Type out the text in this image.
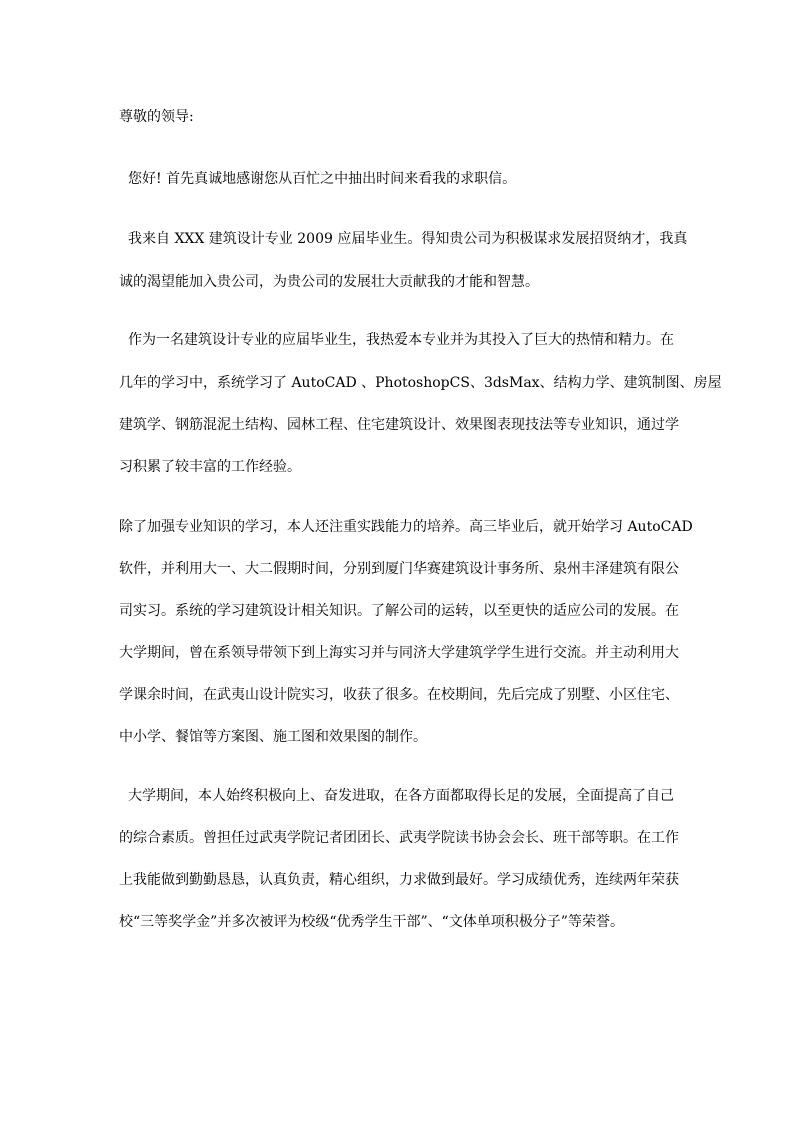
尊敬的领导:

您好! 首先真诚地感谢您从百忙之中抽出时间来看我的求职信。

我来自 XXX 建筑设计专业 2009 应届毕业生。得知贵公司为积极谋求发展招贤纳才，我真

诚的渴望能加入贵公司，为贵公司的发展壮大贡献我的才能和智慧。

作为一名建筑设计专业的应届毕业生，我热爱本专业并为其投入了巨大的热情和精力。在

几年的学习中，系统学习了 AutoCAD 、PhotoshopCS、3dsMax、结构力学、建筑制图、房屋

建筑学、钢筋混泥土结构、园林工程、住宅建筑设计、效果图表现技法等专业知识，通过学

习积累了较丰富的工作经验。

除了加强专业知识的学习，本人还注重实践能力的培养。高三毕业后，就开始学习 AutoCAD

软件，并利用大一、大二假期时间，分别到厦门华赛建筑设计事务所、泉州丰泽建筑有限公

司实习。系统的学习建筑设计相关知识。了解公司的运转，以至更快的适应公司的发展。在

大学期间，曾在系领导带领下到上海实习并与同济大学建筑学学生进行交流。并主动利用大

学课余时间，在武夷山设计院实习，收获了很多。在校期间，先后完成了别墅、小区住宅、

中小学、餐馆等方案图、施工图和效果图的制作。

大学期间，本人始终积极向上、奋发进取，在各方面都取得长足的发展，全面提高了自己

的综合素质。曾担任过武夷学院记者团团长、武夷学院读书协会会长、班干部等职。在工作

上我能做到勤勤恳恳，认真负责，精心组织，力求做到最好。学习成绩优秀，连续两年荣获

校“三等奖学金”并多次被评为校级“优秀学生干部”、“文体单项积极分子”等荣誉。
